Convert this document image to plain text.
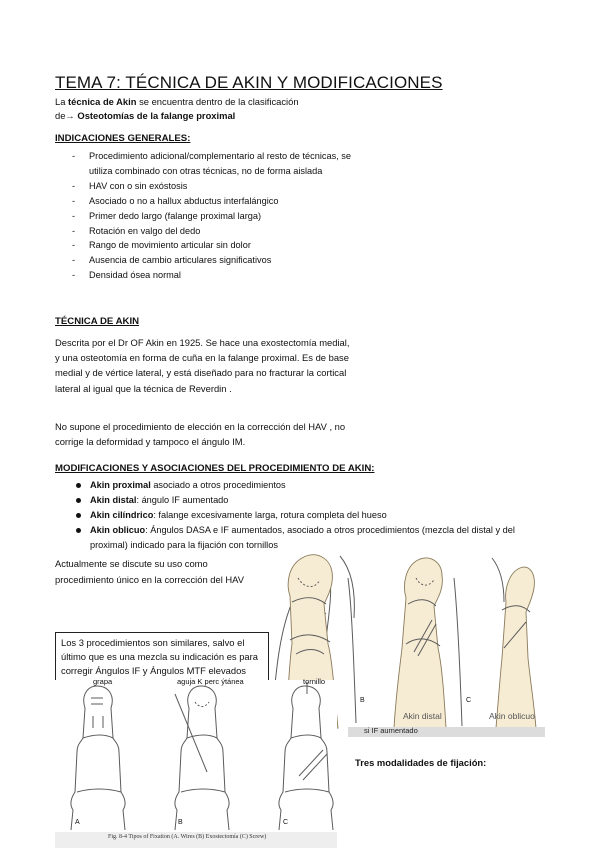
TEMA 7: TÉCNICA DE AKIN Y MODIFICACIONES
La técnica de Akin se encuentra dentro de la clasificación
de→ Osteotomías de la falange proximal
INDICACIONES GENERALES:
- Procedimiento adicional/complementario al resto de técnicas, se utiliza combinado con otras técnicas, no de forma aislada
- HAV con o sin exóstosis
- Asociado o no a hallux abductus interfalángico
- Primer dedo largo (falange proximal larga)
- Rotación en valgo del dedo
- Rango de movimiento articular sin dolor
- Ausencia de cambio articulares significativos
- Densidad ósea normal
TÉCNICA DE AKIN
Descrita por el Dr OF Akin en 1925. Se hace una exostectomía medial, y una osteotomía en forma de cuña en la falange proximal. Es de base medial y de vértice lateral, y está diseñado para no fracturar la cortical lateral al igual que la técnica de Reverdin .
No supone el procedimiento de elección en la corrección del HAV , no corrige la deformidad y tampoco el ángulo IM.
MODIFICACIONES Y ASOCIACIONES DEL PROCEDIMIENTO DE AKIN:
Akin proximal asociado a otros procedimientos
Akin distal: ángulo IF aumentado
Akin cilíndrico: falange excesivamente larga, rotura completa del hueso
Akin oblicuo: Ángulos DASA e IF aumentados, asociado a otros procedimientos (mezcla del distal y del proximal) indicado para la fijación con tornillos
Actualmente se discute su uso como procedimiento único en la corrección del HAV
B	C
Akin distal	Akin oblicuo
si IF aumentado
Los 3 procedimientos son similares, salvo el último que es una mezcla su indicación es para corregir Ángulos IF y Ángulos MTF elevados
grapa	aguja K perc ýtánea	tornillo
A	B	C
Fig. 8-4 Tipos of Fixation (A. Wires (B) Exostectomía (C) Screw)
Tres modalidades de fijación:
